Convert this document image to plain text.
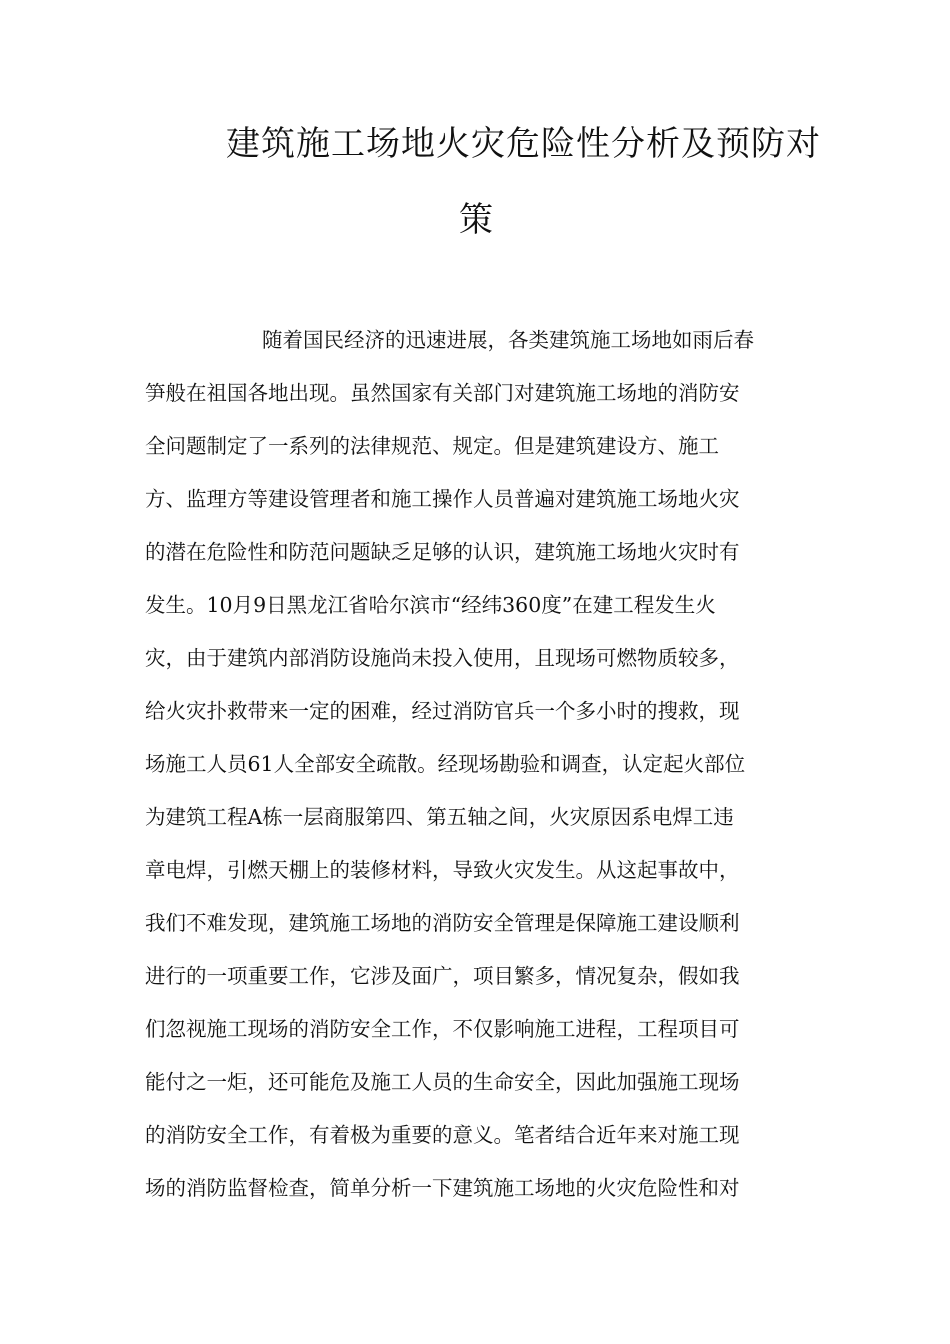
建筑施工场地火灾危险性分析及预防对
策
随着国民经济的迅速进展，各类建筑施工场地如雨后春
笋般在祖国各地出现。虽然国家有关部门对建筑施工场地的消防安
全问题制定了一系列的法律规范、规定。但是建筑建设方、施工
方、监理方等建设管理者和施工操作人员普遍对建筑施工场地火灾
的潜在危险性和防范问题缺乏足够的认识，建筑施工场地火灾时有
发生。10月9日黑龙江省哈尔滨市“经纬360度”在建工程发生火
灾，由于建筑内部消防设施尚未投入使用，且现场可燃物质较多，
给火灾扑救带来一定的困难，经过消防官兵一个多小时的搜救，现
场施工人员61人全部安全疏散。经现场勘验和调查，认定起火部位
为建筑工程A栋一层商服第四、第五轴之间，火灾原因系电焊工违
章电焊，引燃天棚上的装修材料，导致火灾发生。从这起事故中，
我们不难发现，建筑施工场地的消防安全管理是保障施工建设顺利
进行的一项重要工作，它涉及面广，项目繁多，情况复杂，假如我
们忽视施工现场的消防安全工作，不仅影响施工进程，工程项目可
能付之一炬，还可能危及施工人员的生命安全，因此加强施工现场
的消防安全工作，有着极为重要的意义。笔者结合近年来对施工现
场的消防监督检查，简单分析一下建筑施工场地的火灾危险性和对
